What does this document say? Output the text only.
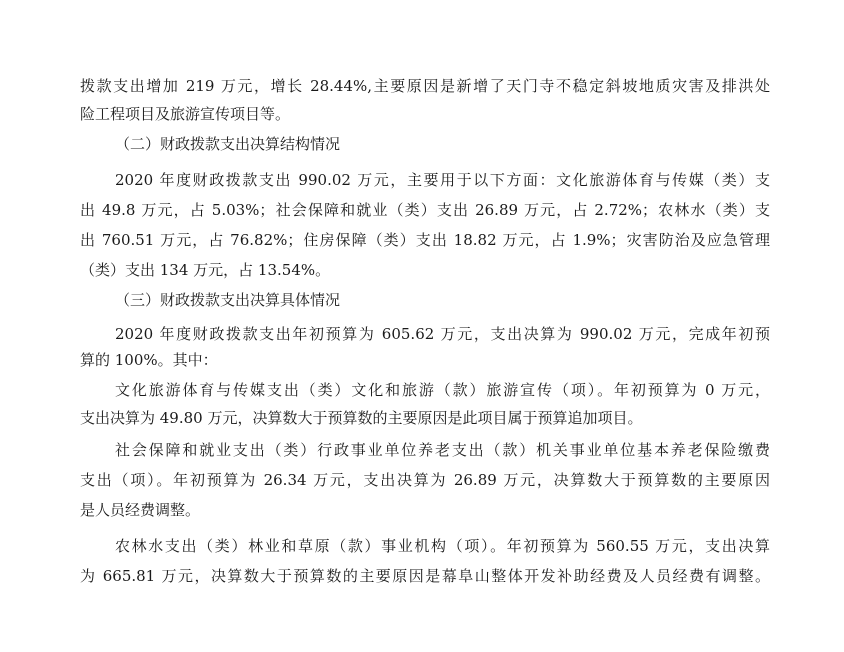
拨款支出增加 219 万元，增长 28.44%,主要原因是新增了天门寺不稳定斜坡地质灾害及排洪处
险工程项目及旅游宣传项目等。
（二）财政拨款支出决算结构情况
2020 年度财政拨款支出 990.02 万元，主要用于以下方面：文化旅游体育与传媒（类）支
出 49.8 万元，占 5.03%；社会保障和就业（类）支出 26.89 万元，占 2.72%；农林水（类）支
出 760.51 万元，占 76.82%；住房保障（类）支出 18.82 万元，占 1.9%；灾害防治及应急管理
（类）支出 134 万元，占 13.54%。
（三）财政拨款支出决算具体情况
2020 年度财政拨款支出年初预算为 605.62 万元，支出决算为 990.02 万元，完成年初预
算的 100%。其中：
文化旅游体育与传媒支出（类）文化和旅游（款）旅游宣传（项）。年初预算为 0 万元，
支出决算为 49.80 万元，决算数大于预算数的主要原因是此项目属于预算追加项目。
社会保障和就业支出（类）行政事业单位养老支出（款）机关事业单位基本养老保险缴费
支出（项）。年初预算为 26.34 万元，支出决算为 26.89 万元，决算数大于预算数的主要原因
是人员经费调整。
农林水支出（类）林业和草原（款）事业机构（项）。年初预算为 560.55 万元，支出决算
为 665.81 万元，决算数大于预算数的主要原因是幕阜山整体开发补助经费及人员经费有调整。
